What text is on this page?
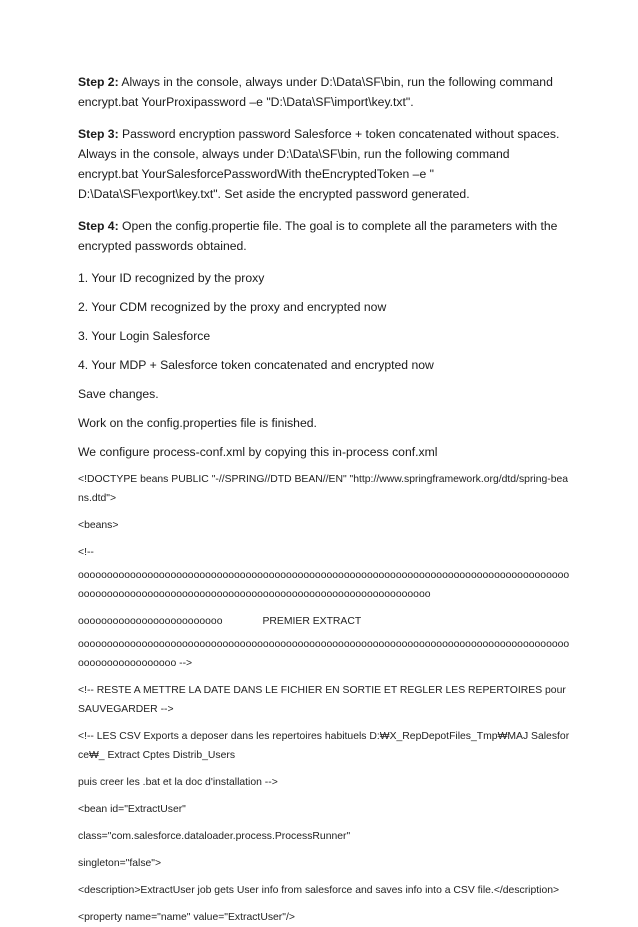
Step 2: Always in the console, always under D:\Data\SF\bin, run the following command encrypt.bat YourProxipassword –e "D:\Data\SF\import\key.txt".

Step 3: Password encryption password Salesforce + token concatenated without spaces. Always in the console, always under D:\Data\SF\bin, run the following command encrypt.bat YourSalesforcePasswordWith theEncryptedToken –e " D:\Data\SF\export\key.txt". Set aside the encrypted password generated.

Step 4: Open the config.propertie file. The goal is to complete all the parameters with the encrypted passwords obtained.

1. Your ID recognized by the proxy

2. Your CDM recognized by the proxy and encrypted now

3. Your Login Salesforce

4. Your MDP + Salesforce token concatenated and encrypted now

Save changes.

Work on the config.properties file is finished.

We configure process-conf.xml by copying this in-process conf.xml

<!DOCTYPE beans PUBLIC "-//SPRING//DTD BEAN//EN" "http://www.springframework.org/dtd/spring-beans.dtd">
<beans>
<!--
oooooooooooooooooooooooooooooooooooooooooooooooooooooooooooooooooooooooooooooooooooooooooooooooooooooooooooooooooooooooooooooooooooooooooooooooooo
ooooooooooooooooooooooooo	PREMIER EXTRACT
oooooooooooooooooooooooooooooooooooooooooooooooooooooooooooooooooooooooooooooooooooooooooooooooooooooo -->
<!-- RESTE A METTRE LA DATE DANS LE FICHIER EN SORTIE ET REGLER LES REPERTOIRES pour SAUVEGARDER -->
<!-- LES CSV Exports a deposer dans les repertoires habituels D:₩X_RepDepotFiles_Tmp₩MAJ Salesforce₩_ Extract Cptes Distrib_Users
puis creer les .bat et la doc d'installation -->
<bean id="ExtractUser"
class="com.salesforce.dataloader.process.ProcessRunner"
singleton="false">
<description>ExtractUser job gets User info from salesforce and saves info into a CSV file.</description>
<property name="name" value="ExtractUser"/>
